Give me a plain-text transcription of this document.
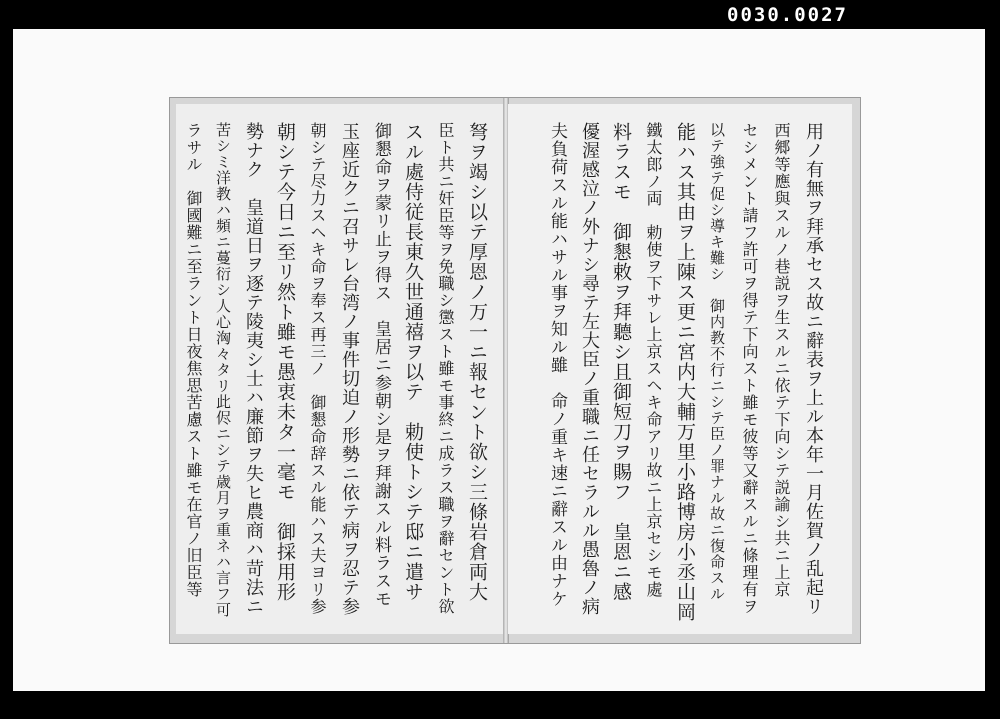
0030.0027
弩ヲ竭シ以テ厚恩ノ万一ニ報セント欲シ三條岩倉両大
臣ト共ニ奸臣等ヲ免職シ懲スト雖モ事終ニ成ラス職ヲ辭セント欲
スル處侍従長東久世通禧ヲ以テ　勅使トシテ邸ニ遣サ
御懇命ヲ蒙リ止ヲ得ス　皇居ニ参朝シ是ヲ拜謝スル料ラスモ
玉座近クニ召サレ台湾ノ事件切迫ノ形勢ニ依テ病ヲ忍テ参
朝シテ尽力スヘキ命ヲ奉ス再三ノ　御懇命辞スル能ハス夫ヨリ参
朝シテ今日ニ至リ然ト雖モ愚衷未タ一毫モ　御採用形
勢ナク　皇道日ヲ逐テ陵夷シ士ハ廉節ヲ失ヒ農商ハ苛法ニ
苦シミ洋教ハ頻ニ蔓衍シ人心洶々タリ此侭ニシテ歳月ヲ重ネハ言フ可
ラサル　御國難ニ至ラント日夜焦思苦慮スト雖モ在官ノ旧臣等	用ノ有無ヲ拜承セス故ニ辭表ヲ上ル本年一月佐賀ノ乱起リ
西郷等應與スルノ巷説ヲ生スルニ依テ下向シテ説諭シ共ニ上京
セシメント請フ許可ヲ得テ下向スト雖モ彼等又辭スルニ條理有ヲ
以テ強テ促シ導キ難シ　御内教不行ニシテ臣ノ罪ナル故ニ復命スル
能ハス其由ヲ上陳ス更ニ宮内大輔万里小路博房小丞山岡
鐵太郎ノ両　勅使ヲ下サレ上京スヘキ命アリ故ニ上京セシモ處
料ラスモ　御懇敕ヲ拜聽シ且御短刀ヲ賜フ　皇恩ニ感
優渥感泣ノ外ナシ尋テ左大臣ノ重職ニ任セラルル愚魯ノ病
夫負荷スル能ハサル事ヲ知ル雖　命ノ重キ速ニ辭スル由ナケ
